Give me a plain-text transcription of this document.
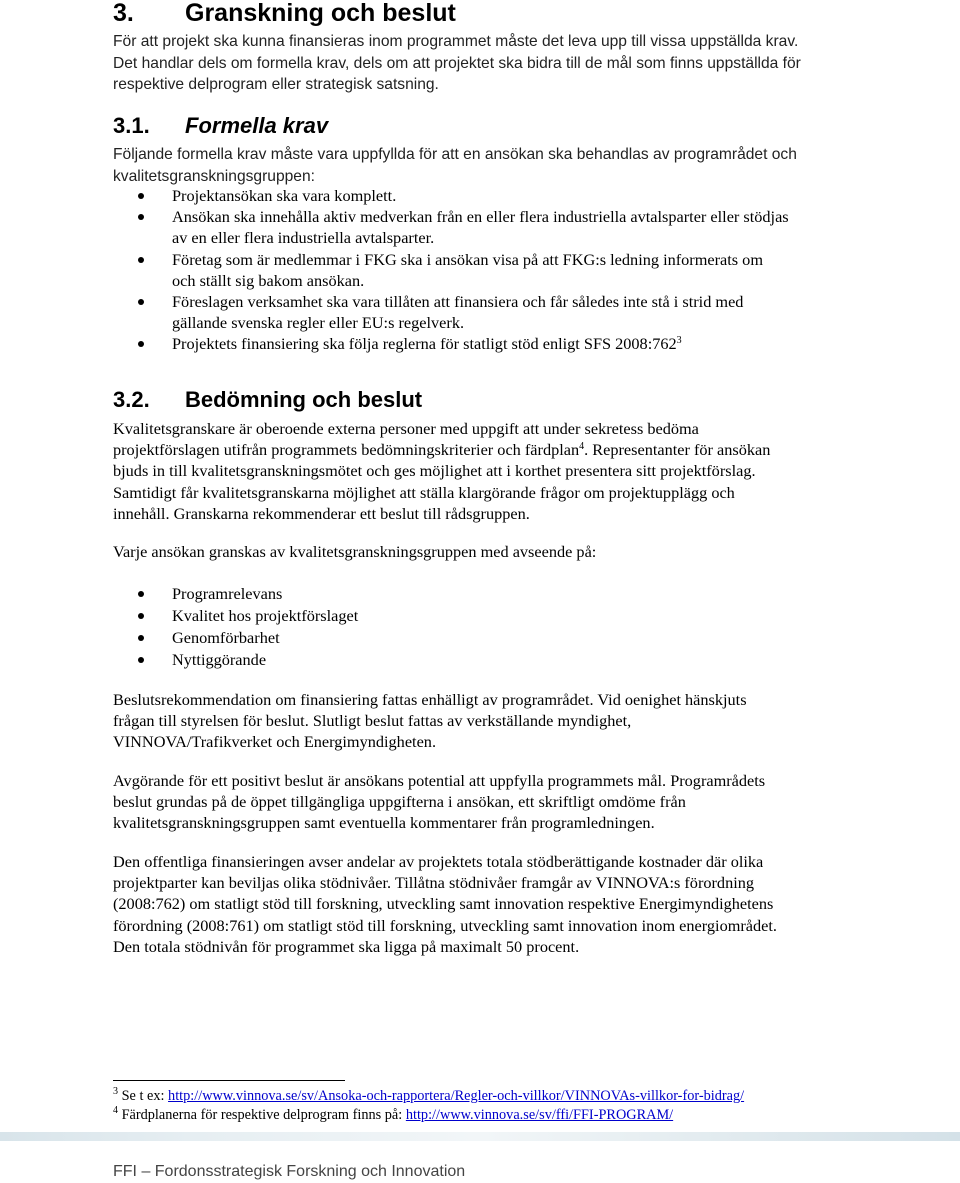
3. Granskning och beslut
För att projekt ska kunna finansieras inom programmet måste det leva upp till vissa uppställda krav.
Det handlar dels om formella krav, dels om att projektet ska bidra till de mål som finns uppställda för
respektive delprogram eller strategisk satsning.
3.1. Formella krav
Följande formella krav måste vara uppfyllda för att en ansökan ska behandlas av programrådet och
kvalitetsgranskningsgruppen:
Projektansökan ska vara komplett.
Ansökan ska innehålla aktiv medverkan från en eller flera industriella avtalsparter eller stödjas
av en eller flera industriella avtalsparter.
Företag som är medlemmar i FKG ska i ansökan visa på att FKG:s ledning informerats om
och ställt sig bakom ansökan.
Föreslagen verksamhet ska vara tillåten att finansiera och får således inte stå i strid med
gällande svenska regler eller EU:s regelverk.
Projektets finansiering ska följa reglerna för statligt stöd enligt SFS $2008:762^3$
3.2. Bedömning och beslut
Kvalitetsgranskare är oberoende externa personer med uppgift att under sekretess bedöma
projektförslagen utifrån programmets bedömningskriterier och färdplan$^4$. Representanter för ansökan
bjuds in till kvalitetsgranskningsmötet och ges möjlighet att i korthet presentera sitt projektförslag.
Samtidigt får kvalitetsgranskarna möjlighet att ställa klargörande frågor om projektupplägg och
innehåll. Granskarna rekommenderar ett beslut till rådsgruppen.
Varje ansökan granskas av kvalitetsgranskningsgruppen med avseende på:
Programrelevans
Kvalitet hos projektförslaget
Genomförbarhet
Nyttiggörande
Beslutsrekommendation om finansiering fattas enhälligt av programrådet. Vid oenighet hänskjuts
frågan till styrelsen för beslut. Slutligt beslut fattas av verkställande myndighet,
VINNOVA/Trafikverket och Energimyndigheten.
Avgörande för ett positivt beslut är ansökans potential att uppfylla programmets mål. Programrådets
beslut grundas på de öppet tillgängliga uppgifterna i ansökan, ett skriftligt omdöme från
kvalitetsgranskningsgruppen samt eventuella kommentarer från programledningen.
Den offentliga finansieringen avser andelar av projektets totala stödberättigande kostnader där olika
projektparter kan beviljas olika stödnivåer. Tillåtna stödnivåer framgår av VINNOVA:s förordning
(2008:762) om statligt stöd till forskning, utveckling samt innovation respektive Energimyndighetens
förordning (2008:761) om statligt stöd till forskning, utveckling samt innovation inom energiområdet.
Den totala stödnivån för programmet ska ligga på maximalt 50 procent.
$^3$ Se t ex: http://www.vinnova.se/sv/Ansoka-och-rapportera/Regler-och-villkor/VINNOVAs-villkor-for-bidrag/
$^4$ Färdplanerna för respektive delprogram finns på: http://www.vinnova.se/sv/ffi/FFI-PROGRAM/
FFI – Fordonsstrategisk Forskning och Innovation
